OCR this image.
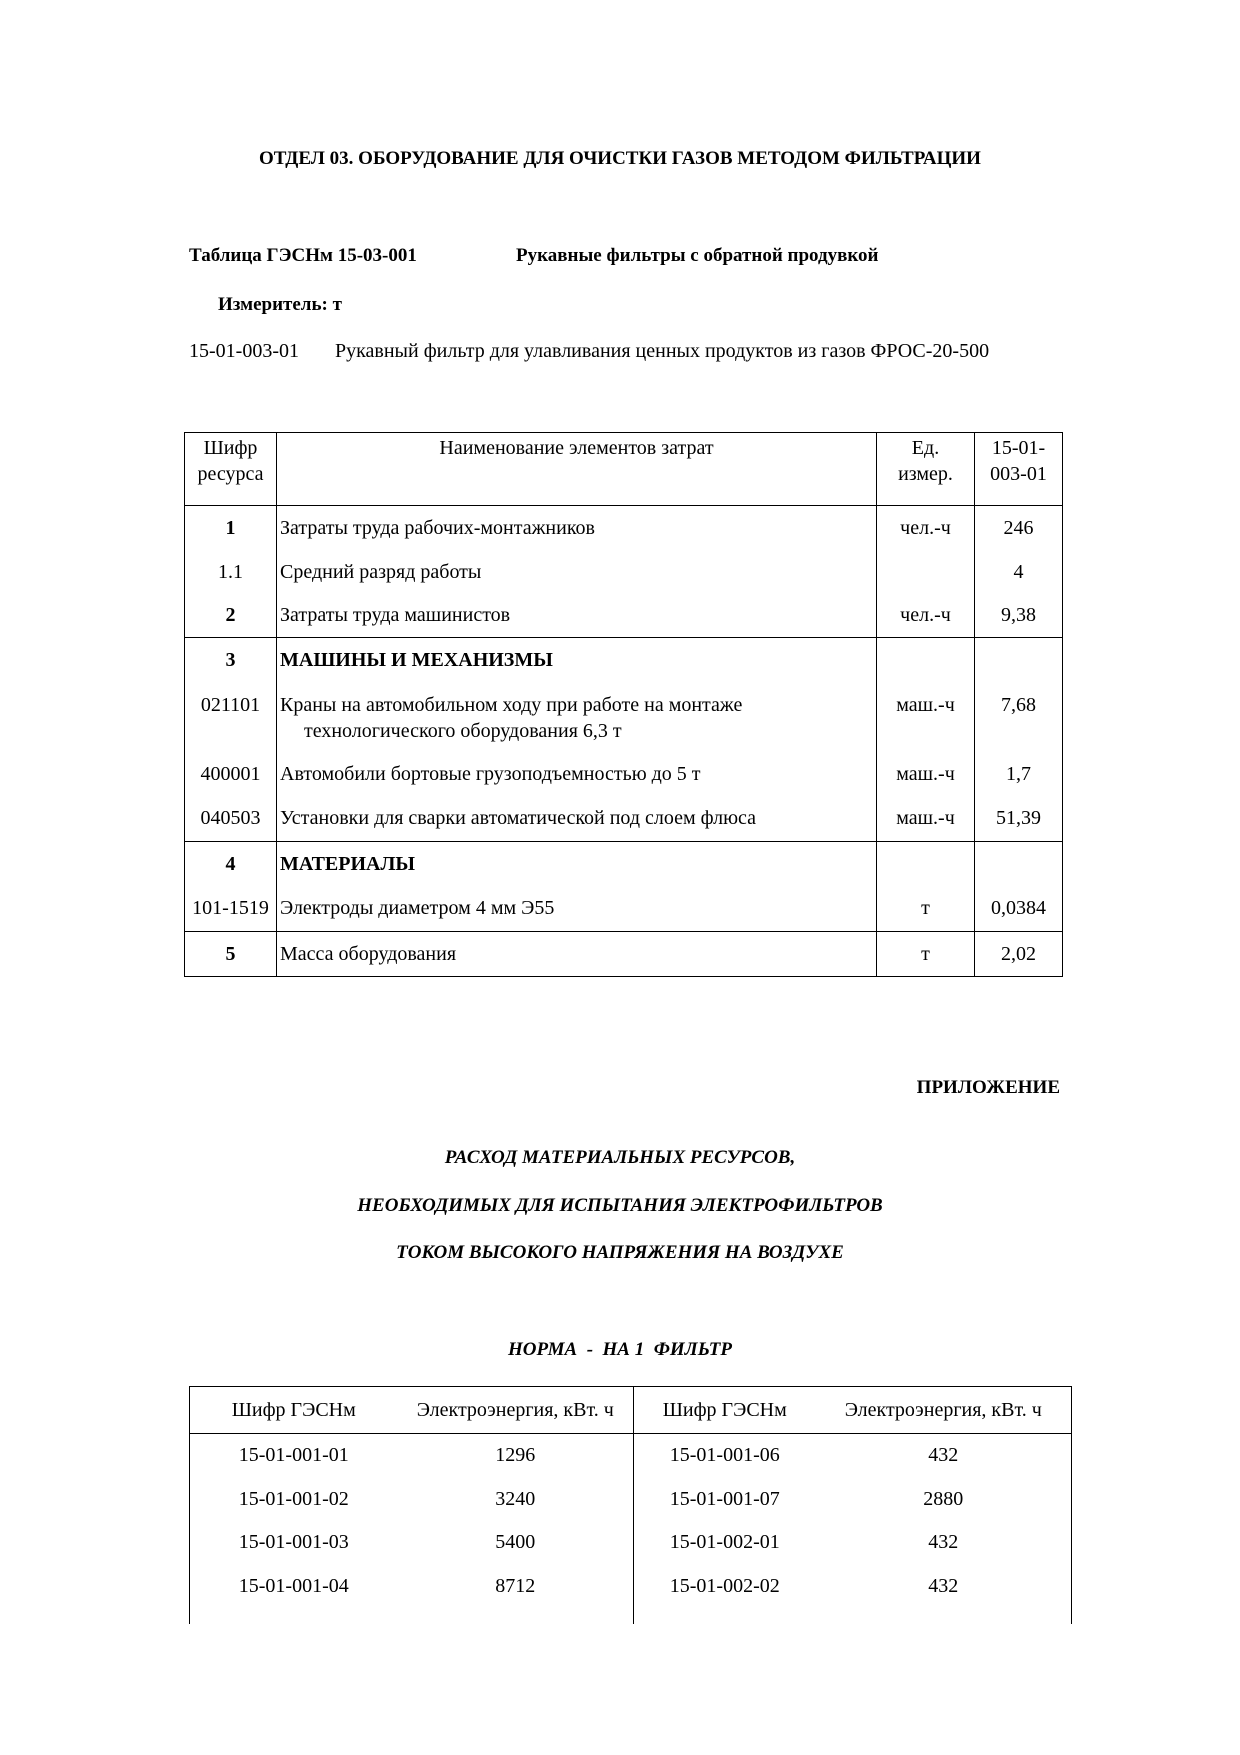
ОТДЕЛ 03. ОБОРУДОВАНИЕ ДЛЯ ОЧИСТКИ ГАЗОВ МЕТОДОМ ФИЛЬТРАЦИИ
Таблица ГЭСНм 15-03-001	Рукавные фильтры с обратной продувкой
Измеритель: т
15-01-003-01 Рукавный фильтр для улавливания ценных продуктов из газов ФРОС-20-500
Шифр ресурса	Наименование элементов затрат	Ед. измер.	15-01-003-01

1	Затраты труда рабочих-монтажников	чел.-ч	246
1.1	Средний разряд работы		4
2	Затраты труда машинистов	чел.-ч	9,38
3	МАШИНЫ И МЕХАНИЗМЫ		
021101	Краны на автомобильном ходу при работе на монтаже
технологического оборудования 6,3 т	маш.-ч	7,68
400001	Автомобили бортовые грузоподъемностью до 5 т	маш.-ч	1,7
040503	Установки для сварки автоматической под слоем флюса	маш.-ч	51,39
4	МАТЕРИАЛЫ		
101-1519	Электроды диаметром 4 мм Э55	т	0,0384
5	Масса оборудования	т	2,02
ПРИЛОЖЕНИЕ
РАСХОД МАТЕРИАЛЬНЫХ РЕСУРСОВ,
НЕОБХОДИМЫХ ДЛЯ ИСПЫТАНИЯ ЭЛЕКТРОФИЛЬТРОВ
ТОКОМ ВЫСОКОГО НАПРЯЖЕНИЯ НА ВОЗДУХЕ
НОРМА  -  НА 1  ФИЛЬТР
Шифр ГЭСНм	Электроэнергия, кВт. ч	Шифр ГЭСНм	Электроэнергия, кВт. ч
15-01-001-01	1296	15-01-001-06	432
15-01-001-02	3240	15-01-001-07	2880
15-01-001-03	5400	15-01-002-01	432
15-01-001-04	8712	15-01-002-02	432
